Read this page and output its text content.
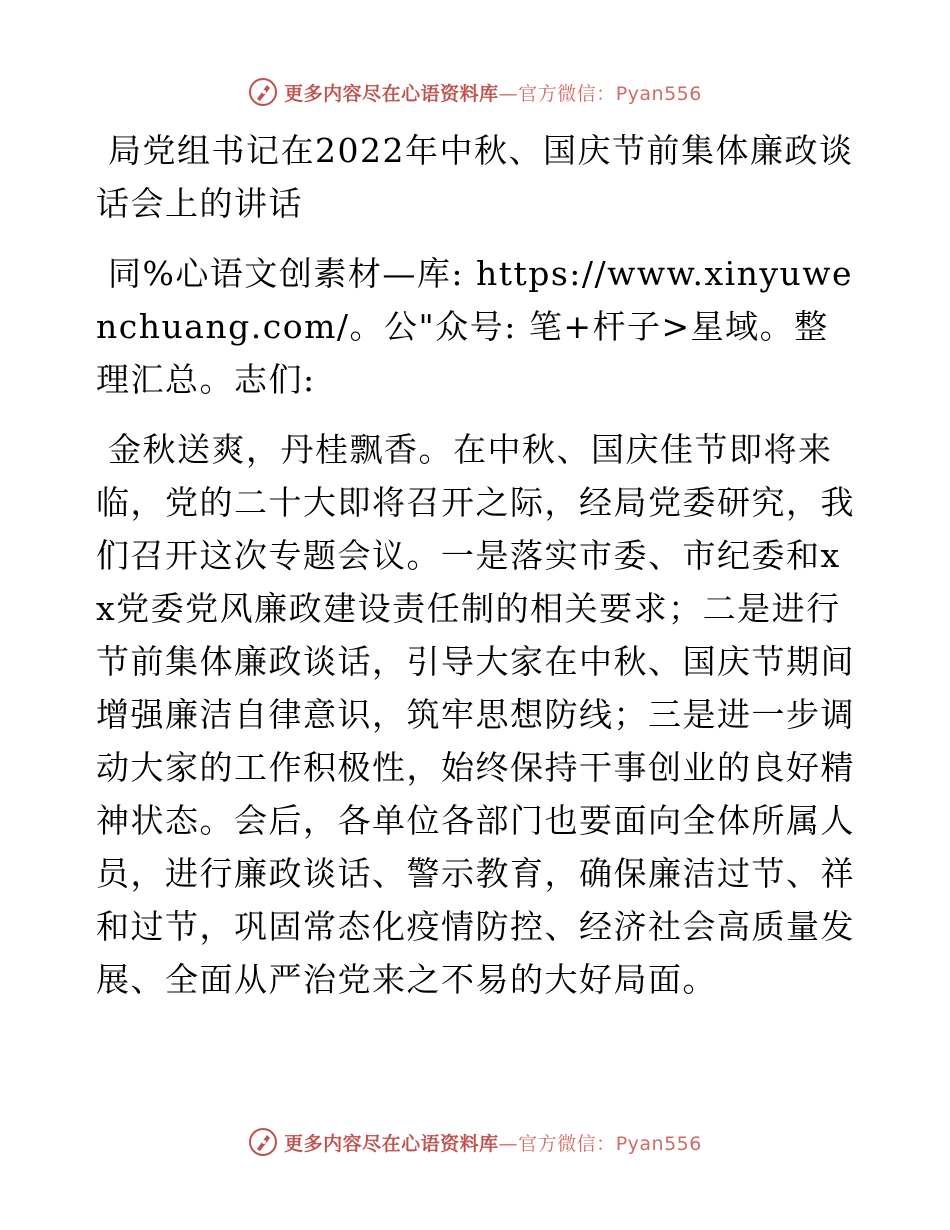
更多内容尽在心语资料库—官方微信：Pyan556

局党组书记在2022年中秋、国庆节前集体廉政谈话会上的讲话

同%心语文创素材—库: https://www.xinyuwenchuang.com/。公"众号: 笔+杆子>星域。整理汇总。志们:

金秋送爽，丹桂飘香。在中秋、国庆佳节即将来临，党的二十大即将召开之际，经局党委研究，我们召开这次专题会议。一是落实市委、市纪委和xx党委党风廉政建设责任制的相关要求；二是进行节前集体廉政谈话，引导大家在中秋、国庆节期间增强廉洁自律意识，筑牢思想防线；三是进一步调动大家的工作积极性，始终保持干事创业的良好精神状态。会后，各单位各部门也要面向全体所属人员，进行廉政谈话、警示教育，确保廉洁过节、祥和过节，巩固常态化疫情防控、经济社会高质量发展、全面从严治党来之不易的大好局面。

更多内容尽在心语资料库—官方微信：Pyan556
